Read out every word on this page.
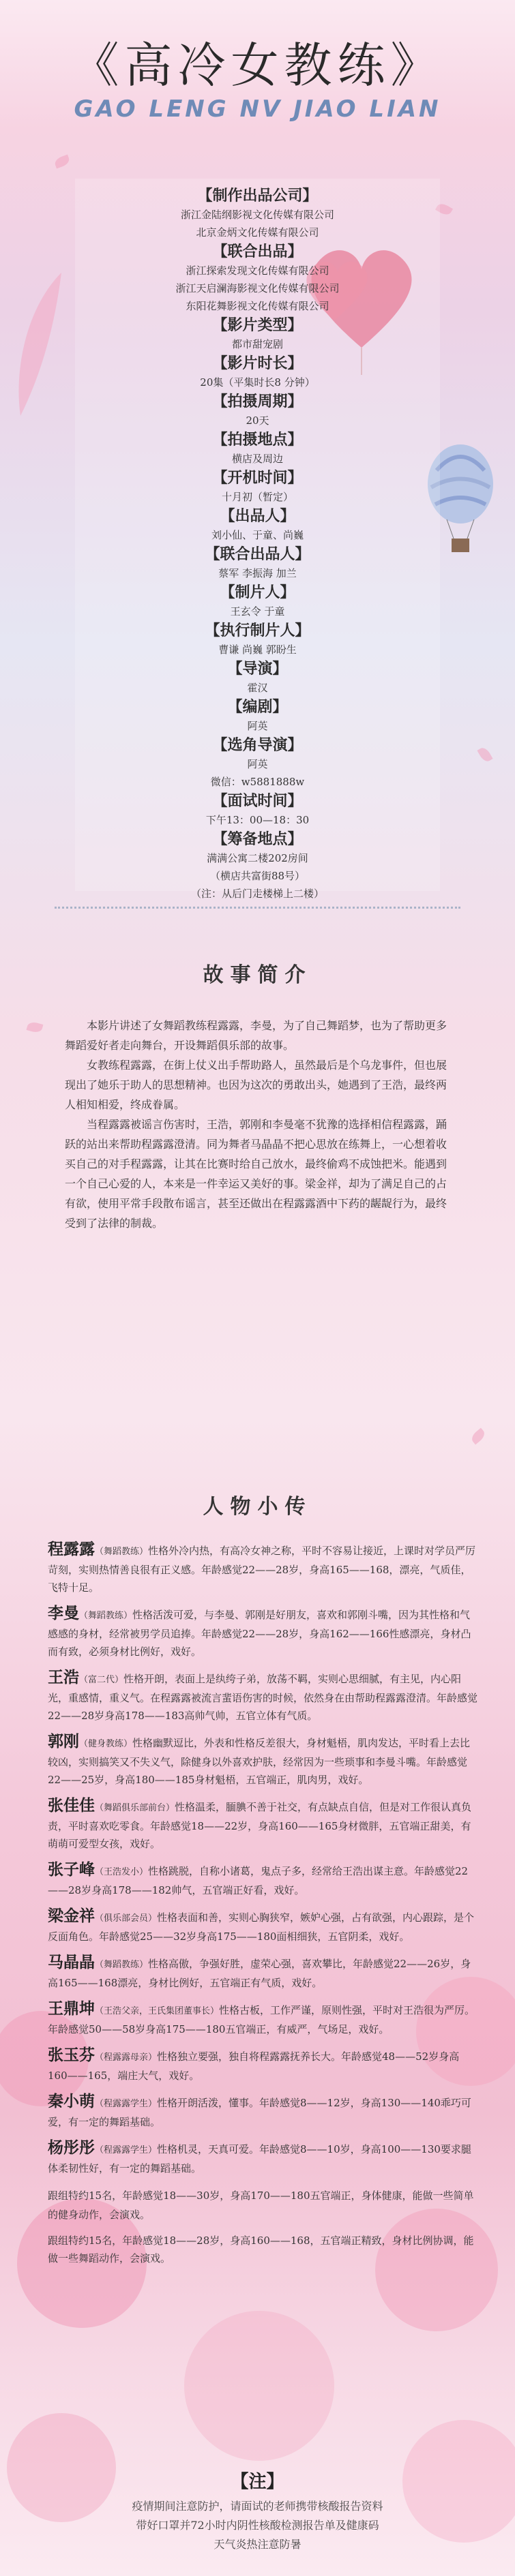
《高冷女教练》
GAO LENG NV JIAO LIAN
【制作出品公司】
浙江金陆纲影视文化传媒有限公司
北京金炳文化传媒有限公司
【联合出品】
浙江探索发现文化传媒有限公司
浙江天启澜海影视文化传媒有限公司
东阳花舞影视文化传媒有限公司
【影片类型】
都市甜宠剧
【影片时长】
20集（平集时长8 分钟）
【拍摄周期】
20天
【拍摄地点】
横店及周边
【开机时间】
十月初（暂定）
【出品人】
刘小仙、于童、尚巍
【联合出品人】
蔡军 李振海 加兰
【制片人】
王玄令 于童
【执行制片人】
曹谦 尚巍 郭盼生
【导演】
霍汉
【编剧】
阿英
【选角导演】
阿英
微信：w5881888w
【面试时间】
下午13：00—18：30
【筹备地点】
满满公寓二楼202房间
（横店共富街88号）
（注：从后门走楼梯上二楼）
故事简介

本影片讲述了女舞蹈教练程露露，李曼，为了自己舞蹈梦，也为了帮助更多舞蹈爱好者走向舞台，开设舞蹈俱乐部的故事。

女教练程露露，在街上仗义出手帮助路人，虽然最后是个乌龙事件，但也展现出了她乐于助人的思想精神。也因为这次的勇敢出头，她遇到了王浩，最终两人相知相爱，终成眷属。

当程露露被谣言伤害时，王浩，郭刚和李曼毫不犹豫的选择相信程露露，踊跃的站出来帮助程露露澄清。同为舞者马晶晶不把心思放在练舞上，一心想着收买自己的对手程露露，让其在比赛时给自己放水，最终偷鸡不成蚀把米。能遇到一个自己心爱的人，本来是一件幸运又美好的事。梁金祥，却为了满足自己的占有欲，使用平常手段散布谣言，甚至还做出在程露露酒中下药的龌龊行为，最终受到了法律的制裁。

人物小传
程露露（舞蹈教练）性格外冷内热，有高冷女神之称，平时不容易让接近，上课时对学员严厉苛刻，实则热情善良很有正义感。年龄感觉22——28岁，身高165——168，漂亮，气质佳，飞特十足。
李曼（舞蹈教练）性格活泼可爱，与李曼、郭刚是好朋友，喜欢和郭刚斗嘴，因为其性格和气感感的身材，经常被男学员追捧。年龄感觉22——28岁，身高162——166性感漂亮，身材凸而有致，必须身材比例好，戏好。
王浩（富二代）性格开朗，表面上是纨绔子弟，放荡不羁，实则心思细腻，有主见，内心阳光，重感情，重义气。在程露露被流言蜚语伤害的时候，依然身在由帮助程露露澄清。年龄感觉22——28岁身高178——183高帅气帅，五官立体有气质。
郭刚（健身教练）性格幽默逗比，外表和性格反差很大，身材魁梧，肌肉发达，平时看上去比较凶，实则搞笑又不失义气，除健身以外喜欢护肤，经常因为一些琐事和李曼斗嘴。年龄感觉22——25岁，身高180——185身材魁梧，五官端正，肌肉男，戏好。
张佳佳（舞蹈俱乐部前台）性格温柔，腼腆不善于社交，有点缺点自信，但是对工作很认真负责，平时喜欢吃零食。年龄感觉18——22岁，身高160——165身材微胖，五官端正甜美，有萌萌可爱型女孩，戏好。
张子峰（王浩发小）性格跳脱，自称小诸葛，鬼点子多，经常给王浩出谋主意。年龄感觉22——28岁身高178——182帅气，五官端正好看，戏好。
梁金祥（俱乐部会员）性格表面和善，实则心胸狭窄，嫉妒心强，占有欲强，内心跟踪，是个反面角色。年龄感觉25——32岁身高175——180面相细狭，五官阴柔，戏好。
马晶晶（舞蹈教练）性格高傲，争强好胜，虚荣心强，喜欢攀比，年龄感觉22——26岁，身高165——168漂亮，身材比例好，五官端正有气质，戏好。
王鼎坤（王浩父亲，王氏集团董事长）性格古板，工作严谨，原则性强，平时对王浩很为严厉。年龄感觉50——58岁身高175——180五官端正，有威严，气场足，戏好。
张玉芬（程露露母亲）性格独立要强，独自将程露露抚养长大。年龄感觉48——52岁身高160——165，端庄大气，戏好。
秦小萌（程露露学生）性格开朗活泼，懂事。年龄感觉8——12岁，身高130——140乖巧可爱，有一定的舞蹈基础。
杨彤彤（程露露学生）性格机灵，天真可爱。年龄感觉8——10岁，身高100——130要求腿体柔韧性好，有一定的舞蹈基础。
跟组特约15名，年龄感觉18——30岁，身高170——180五官端正，身体健康，能做一些简单的健身动作，会演戏。
跟组特约15名，年龄感觉18——28岁，身高160——168，五官端正精致，身材比例协调，能做一些舞蹈动作，会演戏。
【注】
疫情期间注意防护，请面试的老师携带核酸报告资料
带好口罩并72小时内阴性核酸检测报告单及健康码
天气炎热注意防暑
